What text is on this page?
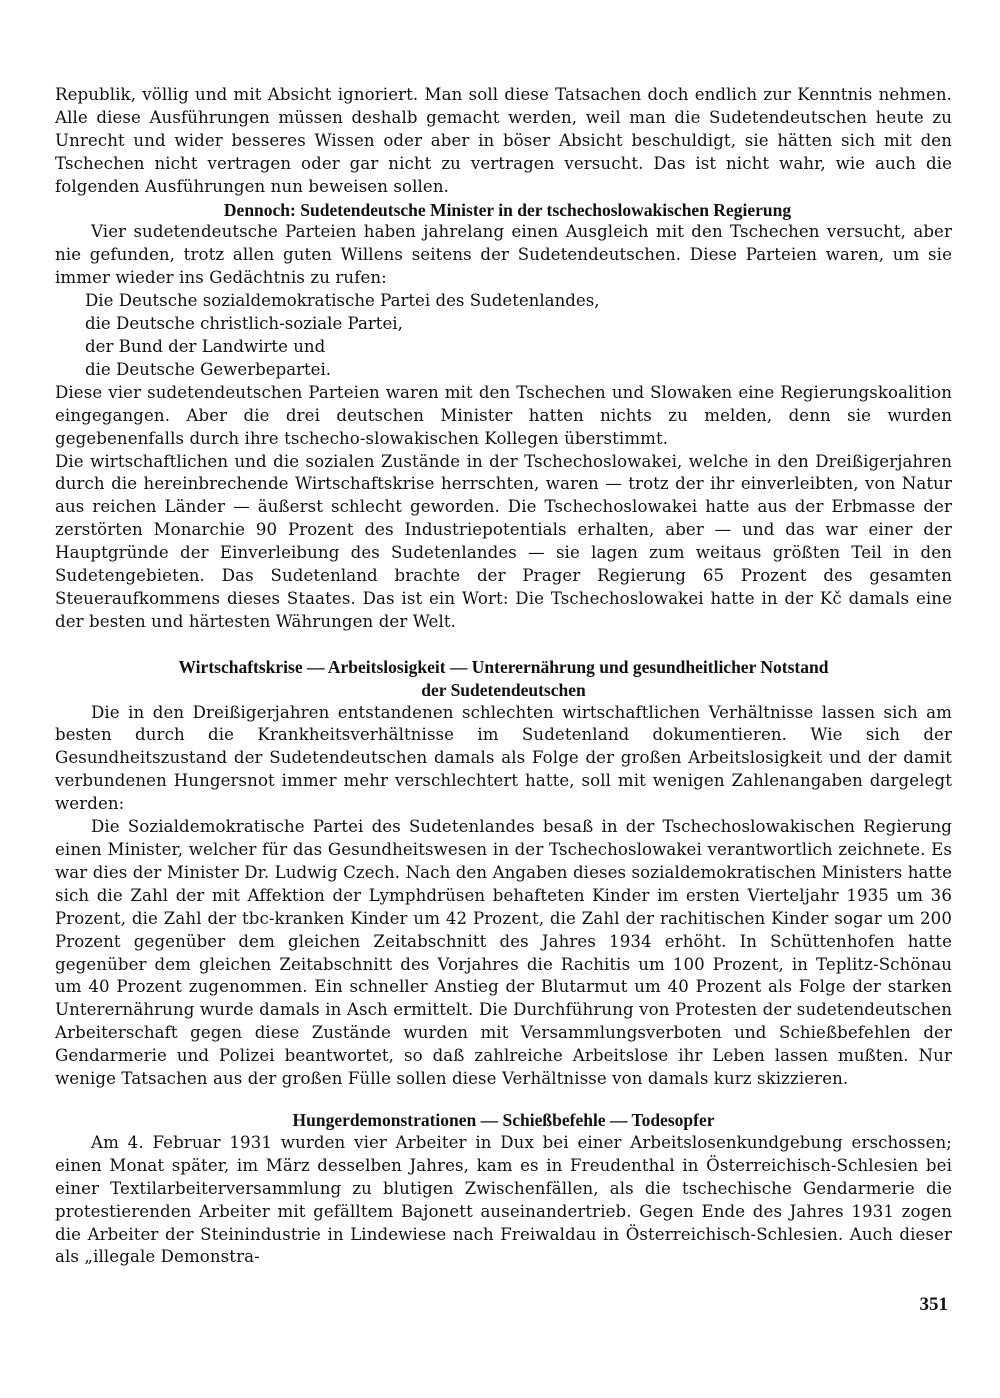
Republik, völlig und mit Absicht ignoriert. Man soll diese Tatsachen doch endlich zur Kenntnis nehmen. Alle diese Ausführungen müssen deshalb gemacht werden, weil man die Sudetendeutschen heute zu Unrecht und wider besseres Wissen oder aber in böser Absicht beschuldigt, sie hätten sich mit den Tschechen nicht vertragen oder gar nicht zu vertragen versucht. Das ist nicht wahr, wie auch die folgenden Ausführungen nun beweisen sollen.

Dennoch: Sudetendeutsche Minister in der tschechoslowakischen Regierung

Vier sudetendeutsche Parteien haben jahrelang einen Ausgleich mit den Tschechen versucht, aber nie gefunden, trotz allen guten Willens seitens der Sudetendeutschen. Diese Parteien waren, um sie immer wieder ins Gedächtnis zu rufen:

Die Deutsche sozialdemokratische Partei des Sudetenlandes,
die Deutsche christlich-soziale Partei,
der Bund der Landwirte und
die Deutsche Gewerbepartei.

Diese vier sudetendeutschen Parteien waren mit den Tschechen und Slowaken eine Regierungskoalition eingegangen. Aber die drei deutschen Minister hatten nichts zu melden, denn sie wurden gegebenenfalls durch ihre tschecho-slowakischen Kollegen überstimmt.

Die wirtschaftlichen und die sozialen Zustände in der Tschechoslowakei, welche in den Dreißigerjahren durch die hereinbrechende Wirtschaftskrise herrschten, waren — trotz der ihr einverleibten, von Natur aus reichen Länder — äußerst schlecht geworden. Die Tschechoslowakei hatte aus der Erbmasse der zerstörten Monarchie 90 Prozent des Industriepotentials erhalten, aber — und das war einer der Hauptgründe der Einverleibung des Sudetenlandes — sie lagen zum weitaus größten Teil in den Sudetengebieten. Das Sudetenland brachte der Prager Regierung 65 Prozent des gesamten Steueraufkommens dieses Staates. Das ist ein Wort: Die Tschechoslowakei hatte in der Kč damals eine der besten und härtesten Währungen der Welt.

Wirtschaftskrise — Arbeitslosigkeit — Unterernährung und gesundheitlicher Notstand
der Sudetendeutschen

Die in den Dreißigerjahren entstandenen schlechten wirtschaftlichen Verhältnisse lassen sich am besten durch die Krankheitsverhältnisse im Sudetenland dokumentieren. Wie sich der Gesundheitszustand der Sudetendeutschen damals als Folge der großen Arbeitslosigkeit und der damit verbundenen Hungersnot immer mehr verschlechtert hatte, soll mit wenigen Zahlenangaben dargelegt werden:

Die Sozialdemokratische Partei des Sudetenlandes besaß in der Tschechoslowakischen Regierung einen Minister, welcher für das Gesundheitswesen in der Tschechoslowakei verantwortlich zeichnete. Es war dies der Minister Dr. Ludwig Czech. Nach den Angaben dieses sozialdemokratischen Ministers hatte sich die Zahl der mit Affektion der Lymphdrüsen behafteten Kinder im ersten Vierteljahr 1935 um 36 Prozent, die Zahl der tbc-kranken Kinder um 42 Prozent, die Zahl der rachitischen Kinder sogar um 200 Prozent gegenüber dem gleichen Zeitabschnitt des Jahres 1934 erhöht. In Schüttenhofen hatte gegenüber dem gleichen Zeitabschnitt des Vorjahres die Rachitis um 100 Prozent, in Teplitz-Schönau um 40 Prozent zugenommen. Ein schneller Anstieg der Blutarmut um 40 Prozent als Folge der starken Unterernährung wurde damals in Asch ermittelt. Die Durchführung von Protesten der sudetendeutschen Arbeiterschaft gegen diese Zustände wurden mit Versammlungsverboten und Schießbefehlen der Gendarmerie und Polizei beantwortet, so daß zahlreiche Arbeitslose ihr Leben lassen mußten. Nur wenige Tatsachen aus der großen Fülle sollen diese Verhältnisse von damals kurz skizzieren.

Hungerdemonstrationen — Schießbefehle — Todesopfer

Am 4. Februar 1931 wurden vier Arbeiter in Dux bei einer Arbeitslosenkundgebung erschossen; einen Monat später, im März desselben Jahres, kam es in Freudenthal in Österreichisch-Schlesien bei einer Textilarbeiterversammlung zu blutigen Zwischenfällen, als die tschechische Gendarmerie die protestierenden Arbeiter mit gefälltem Bajonett auseinandertrieb. Gegen Ende des Jahres 1931 zogen die Arbeiter der Steinindustrie in Lindewiese nach Freiwaldau in Österreichisch-Schlesien. Auch dieser als „illegale Demonstra-

351
